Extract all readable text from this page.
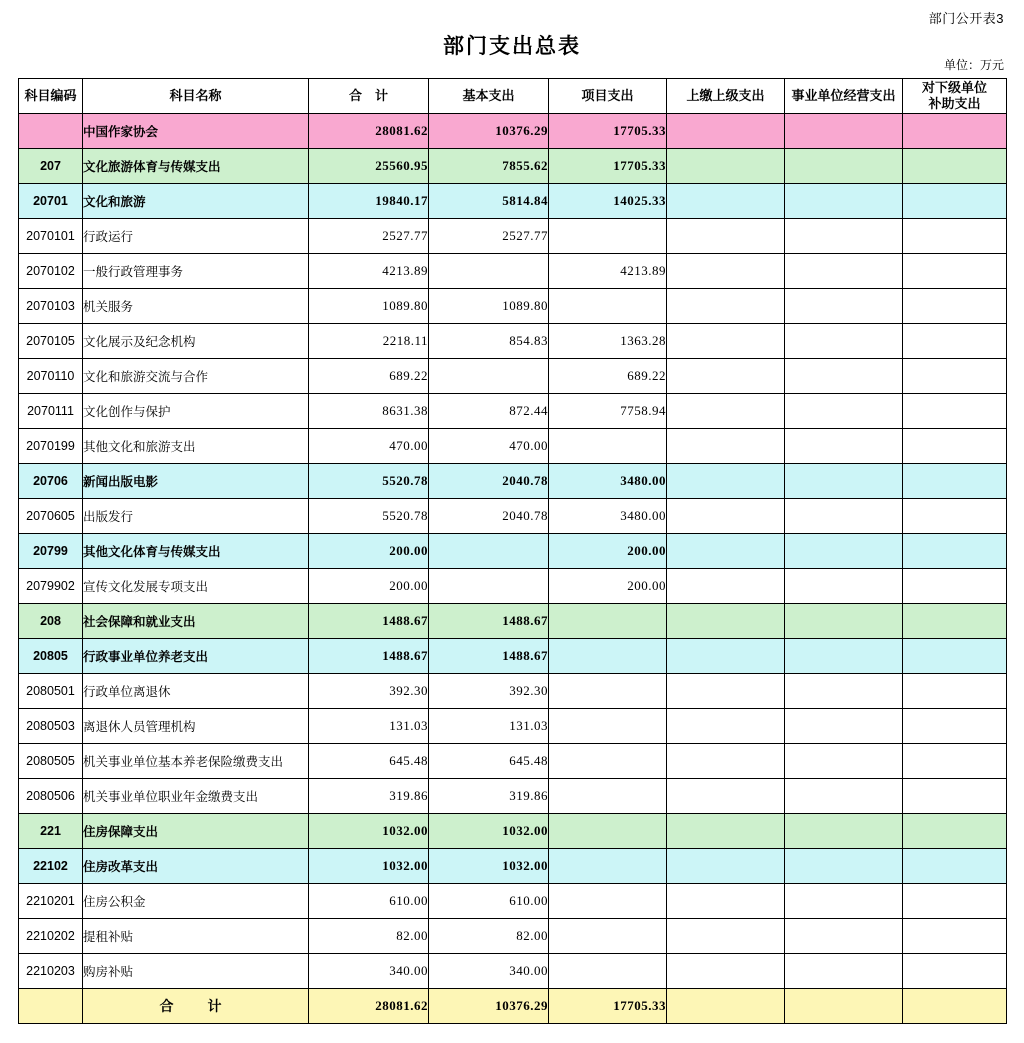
部门公开表3
部门支出总表
单位：万元
科目编码	科目名称	合　计	基本支出	项目支出	上缴上级支出	事业单位经营支出	对下级单位
补助支出
	中国作家协会	28081.62	10376.29	17705.33			
207	文化旅游体育与传媒支出	25560.95	7855.62	17705.33			
20701	文化和旅游	19840.17	5814.84	14025.33			
2070101	行政运行	2527.77	2527.77				
2070102	一般行政管理事务	4213.89		4213.89			
2070103	机关服务	1089.80	1089.80				
2070105	文化展示及纪念机构	2218.11	854.83	1363.28			
2070110	文化和旅游交流与合作	689.22		689.22			
2070111	文化创作与保护	8631.38	872.44	7758.94			
2070199	其他文化和旅游支出	470.00	470.00				
20706	新闻出版电影	5520.78	2040.78	3480.00			
2070605	出版发行	5520.78	2040.78	3480.00			
20799	其他文化体育与传媒支出	200.00		200.00			
2079902	宣传文化发展专项支出	200.00		200.00			
208	社会保障和就业支出	1488.67	1488.67				
20805	行政事业单位养老支出	1488.67	1488.67				
2080501	行政单位离退休	392.30	392.30				
2080503	离退休人员管理机构	131.03	131.03				
2080505	机关事业单位基本养老保险缴费支出	645.48	645.48				
2080506	机关事业单位职业年金缴费支出	319.86	319.86				
221	住房保障支出	1032.00	1032.00				
22102	住房改革支出	1032.00	1032.00				
2210201	住房公积金	610.00	610.00				
2210202	提租补贴	82.00	82.00				
2210203	购房补贴	340.00	340.00				
	合　计	28081.62	10376.29	17705.33			
